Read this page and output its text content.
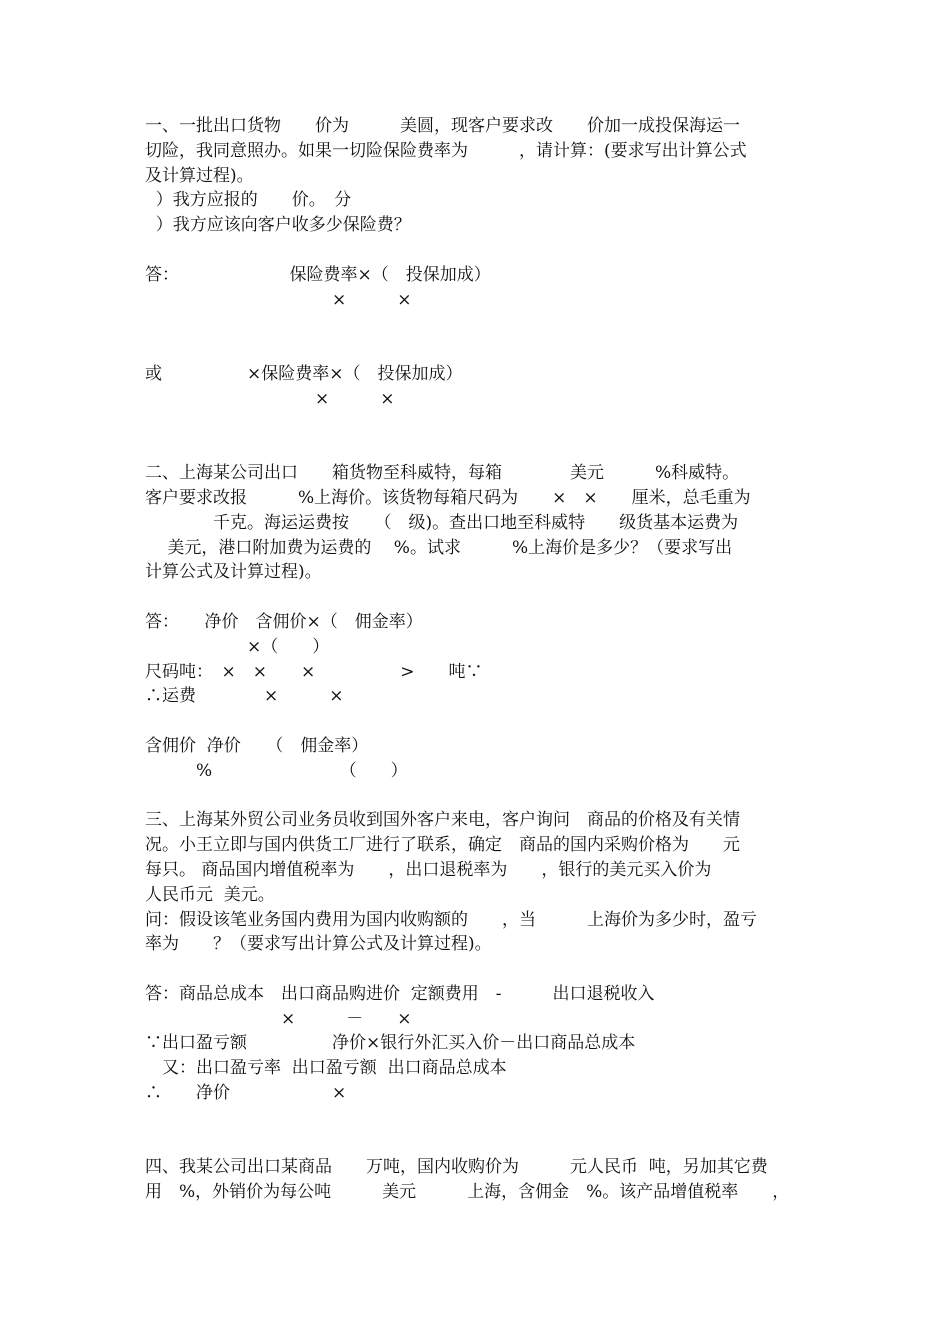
一、一批出口货物　　价为　　　美圆，现客户要求改　　价加一成投保海运一

切险，我同意照办。如果一切险保险费率为　　　，请计算：(要求写出计算公式

及计算过程)。

）我方应报的　　价。　分

）我方应该向客户收多少保险费？

答：　　　　　　　保险费率×（　投保加成）

　　　　　　　　　　　×　　　×

或　　　　　×保险费率×（　投保加成）

　　　　　　　　　　×　　　×

二、上海某公司出口　　箱货物至科威特，每箱　　　　美元　　　%科威特。

客户要求改报　　　%上海价。该货物每箱尺码为　　×　×　　厘米，总毛重为

　　　　千克。海运运费按　　（　级)。查出口地至科威特　　级货基本运费为

　 美元，港口附加费为运费的　 %。试求　　　%上海价是多少？（要求写出

计算公式及计算过程)。

答：　　净价　含佣价×（　佣金率）

　　　　　　×（　　）

尺码吨：　×　×　　×　　　　　>　　吨∵

∴运费　　　　×　　　×

含佣价  净价　　（　佣金率）

　　　%　　　　　　　　（　　）

三、上海某外贸公司业务员收到国外客户来电，客户询问　商品的价格及有关情

况。小王立即与国内供货工厂进行了联系，确定　商品的国内采购价格为　　元

每只。 商品国内增值税率为　　，出口退税率为　　，银行的美元买入价为

人民币元  美元。

问：假设该笔业务国内费用为国内收购额的　　，当　　　上海价为多少时，盈亏

率为　　？（要求写出计算公式及计算过程)。

答：商品总成本　出口商品购进价  定额费用　-　　　出口退税收入

　　　　　　　　×　　　－　　×

∵出口盈亏额　　　　　净价×银行外汇买入价－出口商品总成本

　又：出口盈亏率  出口盈亏额  出口商品总成本

∴　　净价　　　　　　×

四、我某公司出口某商品　　万吨，国内收购价为　　　元人民币  吨，另加其它费

用　%，外销价为每公吨　　　美元　　　上海，含佣金　%。该产品增值税率　　，
